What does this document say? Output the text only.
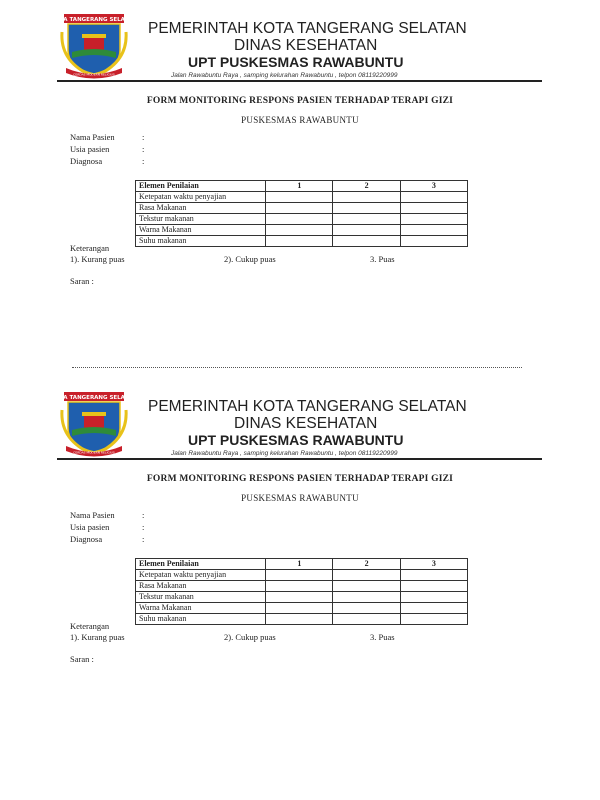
KOTA TANGERANG SELATAN
CERDAS MODERN RELIGIUS
PEMERINTAH KOTA TANGERANG SELATAN
DINAS KESEHATAN
UPT PUSKESMAS RAWABUNTU
Jalan Rawabuntu Raya , samping kelurahan Rawabuntu , telpon 08119220999
FORM MONITORING RESPONS PASIEN TERHADAP TERAPI GIZI
PUSKESMAS RAWABUNTU
Nama Pasien	:
Usia pasien	:
Diagnosa	:
Elemen Penilaian	1	2	3
Ketepatan waktu penyajian			
Rasa Makanan			
Tekstur makanan			
Warna Makanan			
Suhu makanan			
Keterangan
1). Kurang puas	2). Cukup puas	3. Puas
Saran :
KOTA TANGERANG SELATAN
CERDAS MODERN RELIGIUS
PEMERINTAH KOTA TANGERANG SELATAN
DINAS KESEHATAN
UPT PUSKESMAS RAWABUNTU
Jalan Rawabuntu Raya , samping kelurahan Rawabuntu , telpon 08119220999
FORM MONITORING RESPONS PASIEN TERHADAP TERAPI GIZI
PUSKESMAS RAWABUNTU
Nama Pasien	:
Usia pasien	:
Diagnosa	:
Elemen Penilaian	1	2	3
Ketepatan waktu penyajian			
Rasa Makanan			
Tekstur makanan			
Warna Makanan			
Suhu makanan			
Keterangan
1). Kurang puas	2). Cukup puas	3. Puas
Saran :
